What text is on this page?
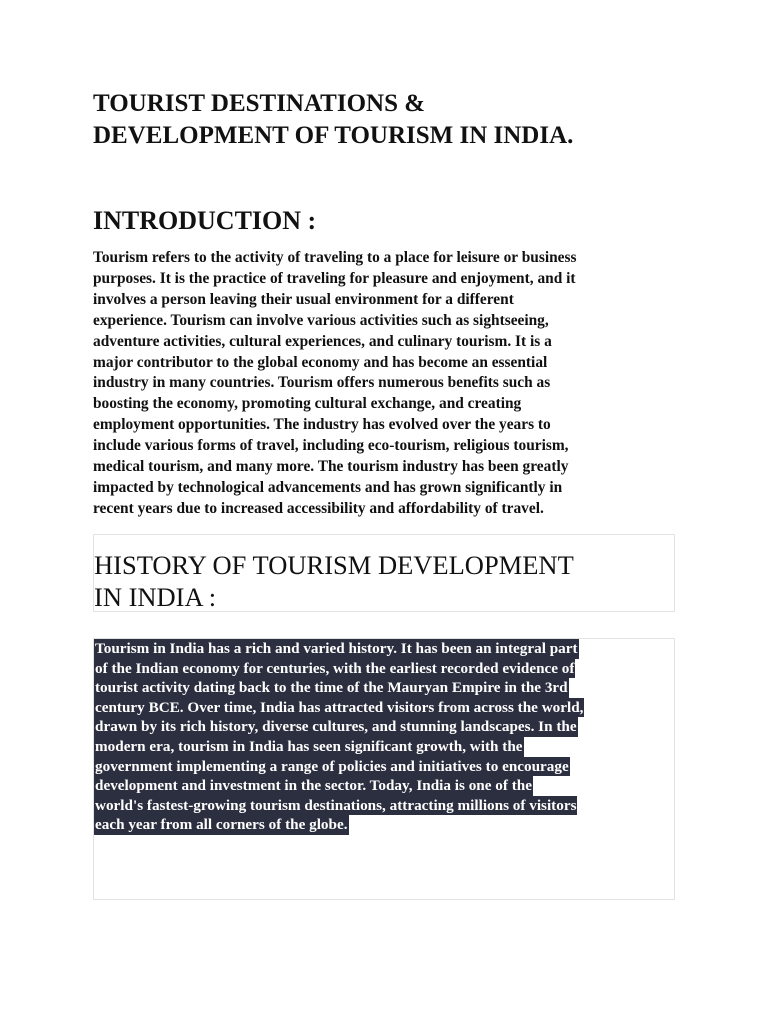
TOURIST DESTINATIONS &
DEVELOPMENT OF TOURISM IN INDIA.
INTRODUCTION :

Tourism refers to the activity of traveling to a place for leisure or business
purposes. It is the practice of traveling for pleasure and enjoyment, and it
involves a person leaving their usual environment for a different
experience. Tourism can involve various activities such as sightseeing,
adventure activities, cultural experiences, and culinary tourism. It is a
major contributor to the global economy and has become an essential
industry in many countries. Tourism offers numerous benefits such as
boosting the economy, promoting cultural exchange, and creating
employment opportunities. The industry has evolved over the years to
include various forms of travel, including eco-tourism, religious tourism,
medical tourism, and many more. The tourism industry has been greatly
impacted by technological advancements and has grown significantly in
recent years due to increased accessibility and affordability of travel.

HISTORY OF TOURISM DEVELOPMENT
IN INDIA :

Tourism in India has a rich and varied history. It has been an integral part
of the Indian economy for centuries, with the earliest recorded evidence of
tourist activity dating back to the time of the Mauryan Empire in the 3rd
century BCE. Over time, India has attracted visitors from across the world,
drawn by its rich history, diverse cultures, and stunning landscapes. In the
modern era, tourism in India has seen significant growth, with the
government implementing a range of policies and initiatives to encourage
development and investment in the sector. Today, India is one of the
world's fastest-growing tourism destinations, attracting millions of visitors
each year from all corners of the globe.
